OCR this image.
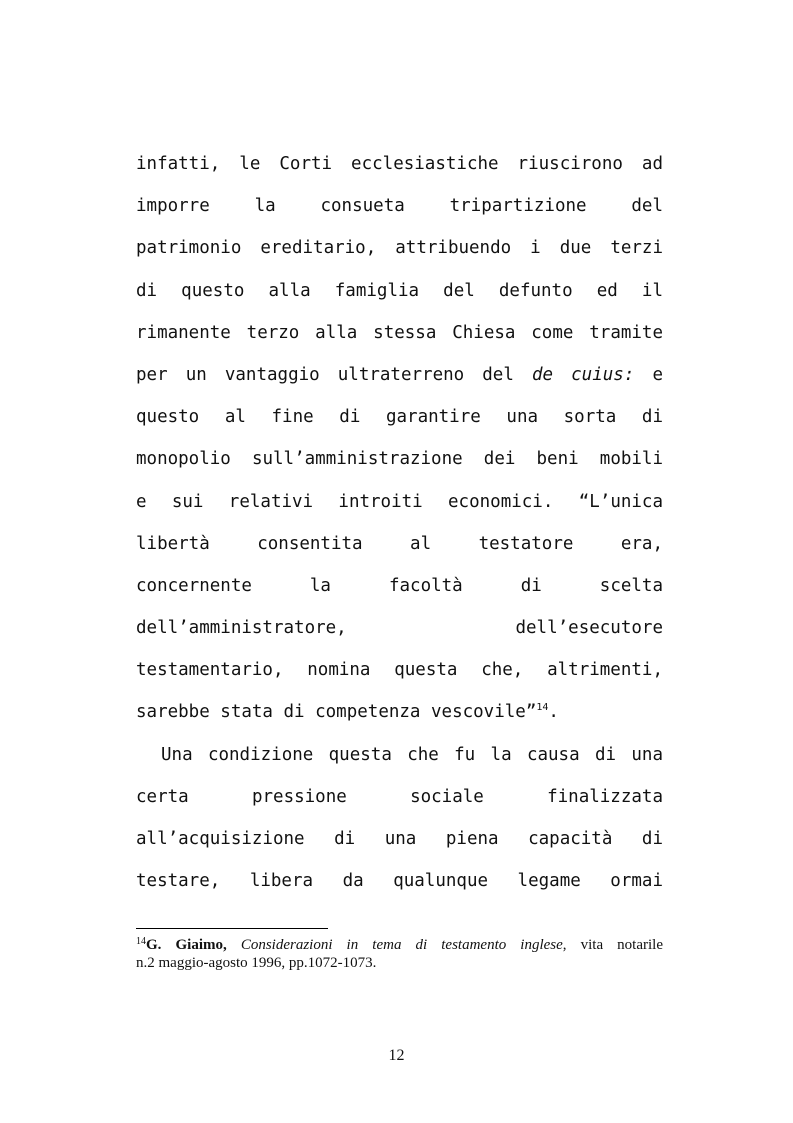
infatti, le Corti ecclesiastiche riuscirono ad
imporre la consueta tripartizione del
patrimonio ereditario, attribuendo i due terzi
di questo alla famiglia del defunto ed il
rimanente terzo alla stessa Chiesa come tramite
per un vantaggio ultraterreno del de cuius: e
questo al fine di garantire una sorta di
monopolio sull’amministrazione dei beni mobili
e sui relativi introiti economici. “L’unica
libertà consentita al testatore era,
concernente la facoltà di scelta
dell’amministratore, dell’esecutore
testamentario, nomina questa che, altrimenti,
sarebbe stata di competenza vescovile”$^{14}$.
Una condizione questa che fu la causa di una
certa pressione sociale finalizzata
all’acquisizione di una piena capacità di
testare, libera da qualunque legame ormai
$^{14}$G. Giaimo, Considerazioni in tema di testamento inglese, vita notarile
n.2 maggio-agosto 1996, pp.1072-1073.
12
